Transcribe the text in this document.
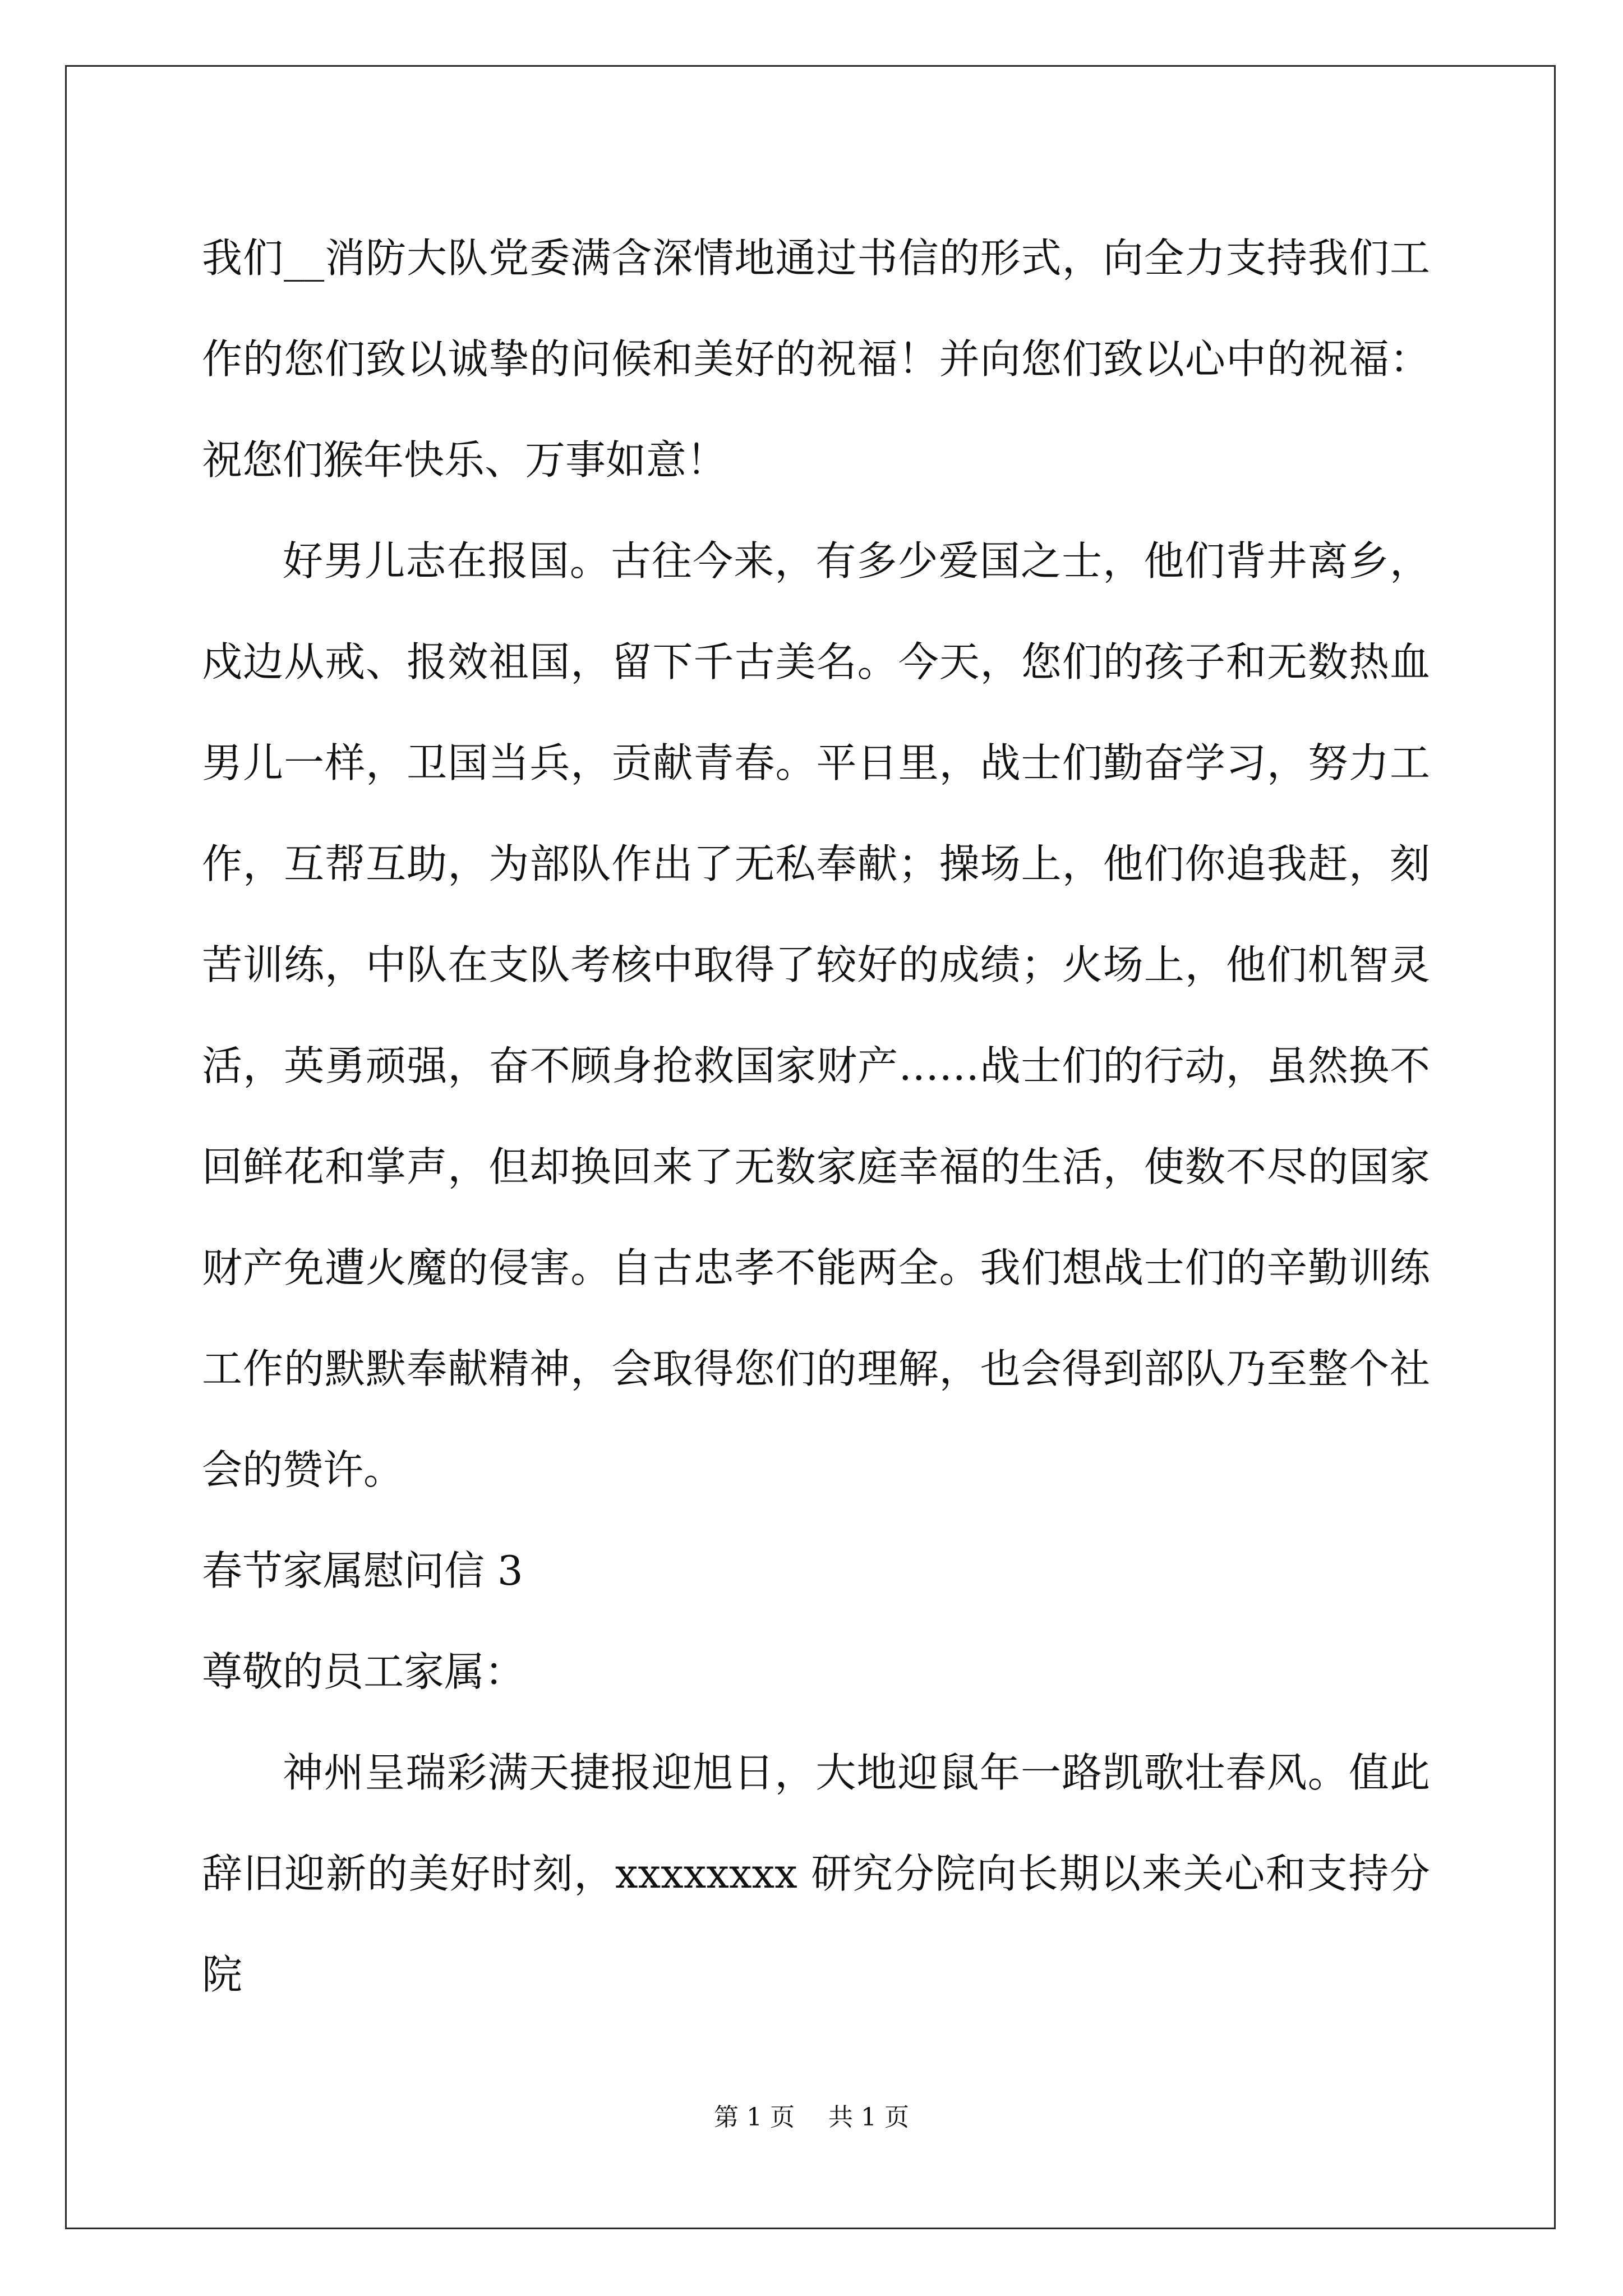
我们__消防大队党委满含深情地通过书信的形式，向全力支持我们工作的您们致以诚挚的问候和美好的祝福！并向您们致以心中的祝福：祝您们猴年快乐、万事如意！

好男儿志在报国。古往今来，有多少爱国之士，他们背井离乡，戍边从戒、报效祖国，留下千古美名。今天，您们的孩子和无数热血男儿一样，卫国当兵，贡献青春。平日里，战士们勤奋学习，努力工作，互帮互助，为部队作出了无私奉献；操场上，他们你追我赶，刻苦训练，中队在支队考核中取得了较好的成绩；火场上，他们机智灵活，英勇顽强，奋不顾身抢救国家财产……战士们的行动，虽然换不回鲜花和掌声，但却换回来了无数家庭幸福的生活，使数不尽的国家财产免遭火魔的侵害。自古忠孝不能两全。我们想战士们的辛勤训练工作的默默奉献精神，会取得您们的理解，也会得到部队乃至整个社会的赞许。

春节家属慰问信 3

尊敬的员工家属：

神州呈瑞彩满天捷报迎旭日，大地迎鼠年一路凯歌壮春风。值此辞旧迎新的美好时刻，xxxxxxxx 研究分院向长期以来关心和支持分院

第 1 页 共 1 页
